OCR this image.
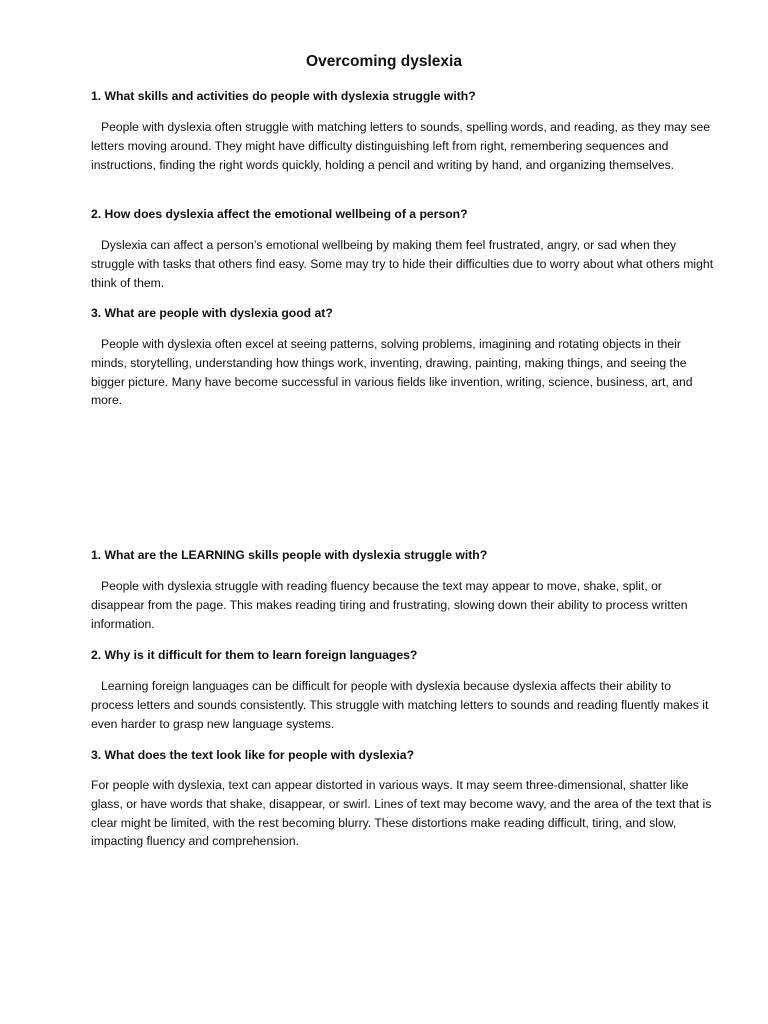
Overcoming dyslexia

1. What skills and activities do people with dyslexia struggle with?

People with dyslexia often struggle with matching letters to sounds, spelling words, and reading, as they may see letters moving around. They might have difficulty distinguishing left from right, remembering sequences and instructions, finding the right words quickly, holding a pencil and writing by hand, and organizing themselves.

2. How does dyslexia affect the emotional wellbeing of a person?

Dyslexia can affect a person’s emotional wellbeing by making them feel frustrated, angry, or sad when they struggle with tasks that others find easy. Some may try to hide their difficulties due to worry about what others might think of them.

3. What are people with dyslexia good at?

People with dyslexia often excel at seeing patterns, solving problems, imagining and rotating objects in their minds, storytelling, understanding how things work, inventing, drawing, painting, making things, and seeing the bigger picture. Many have become successful in various fields like invention, writing, science, business, art, and more.

1. What are the LEARNING skills people with dyslexia struggle with?

People with dyslexia struggle with reading fluency because the text may appear to move, shake, split, or disappear from the page. This makes reading tiring and frustrating, slowing down their ability to process written information.

2. Why is it difficult for them to learn foreign languages?

Learning foreign languages can be difficult for people with dyslexia because dyslexia affects their ability to process letters and sounds consistently. This struggle with matching letters to sounds and reading fluently makes it even harder to grasp new language systems.

3. What does the text look like for people with dyslexia?

For people with dyslexia, text can appear distorted in various ways. It may seem three-dimensional, shatter like glass, or have words that shake, disappear, or swirl. Lines of text may become wavy, and the area of the text that is clear might be limited, with the rest becoming blurry. These distortions make reading difficult, tiring, and slow, impacting fluency and comprehension.
